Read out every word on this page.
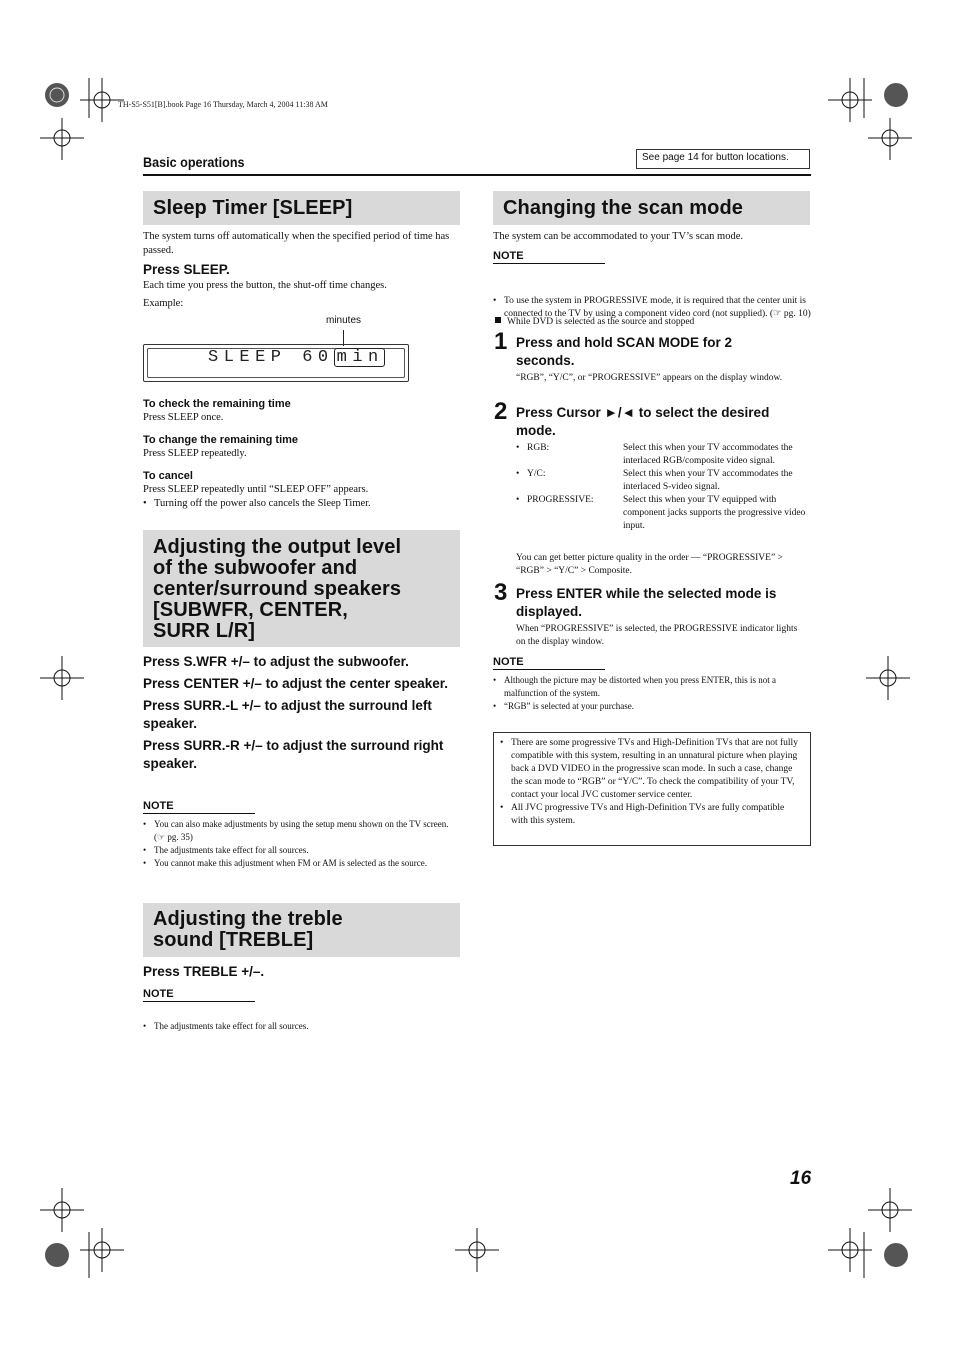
TH-S5-S51[B].book Page 16 Thursday, March 4, 2004 11:38 AM
Basic operations	See page 14 for button locations.
Sleep Timer [SLEEP]
The system turns off automatically when the specified period of time has passed.
Press SLEEP.
Each time you press the button, the shut-off time changes.
Example:
minutes
SLEEP 60 min
To check the remaining time
Press SLEEP once.
To change the remaining time
Press SLEEP repeatedly.
To cancel
Press SLEEP repeatedly until “SLEEP OFF” appears.
• Turning off the power also cancels the Sleep Timer.
Adjusting the output level
of the subwoofer and
center/surround speakers
[SUBWFR, CENTER,
SURR L/R]
Press S.WFR +/– to adjust the subwoofer.
Press CENTER +/– to adjust the center speaker.
Press SURR.-L +/– to adjust the surround left speaker.
Press SURR.-R +/– to adjust the surround right speaker.
NOTE
• You can also make adjustments by using the setup menu shown on the TV screen. (☞ pg. 35)
• The adjustments take effect for all sources.
• You cannot make this adjustment when FM or AM is selected as the source.
Adjusting the treble
sound [TREBLE]
Press TREBLE +/–.
NOTE
• The adjustments take effect for all sources.
Changing the scan mode
The system can be accommodated to your TV’s scan mode.
NOTE
• To use the system in PROGRESSIVE mode, it is required that the center unit is connected to the TV by using a component video cord (not supplied). (☞ pg. 10)
While DVD is selected as the source and stopped
1 Press and hold SCAN MODE for 2 seconds.
“RGB”, “Y/C”, or “PROGRESSIVE” appears on the display window.
2 Press Cursor ►/◄ to select the desired mode.
• RGB:	Select this when your TV accommodates the interlaced RGB/composite video signal.
• Y/C:	Select this when your TV accommodates the interlaced S-video signal.
• PROGRESSIVE:	Select this when your TV equipped with component jacks supports the progressive video input.
You can get better picture quality in the order — “PROGRESSIVE” > “RGB” > “Y/C” > Composite.
3 Press ENTER while the selected mode is displayed.
When “PROGRESSIVE” is selected, the PROGRESSIVE indicator lights on the display window.
NOTE
• Although the picture may be distorted when you press ENTER, this is not a malfunction of the system.
• “RGB” is selected at your purchase.
• There are some progressive TVs and High-Definition TVs that are not fully compatible with this system, resulting in an unnatural picture when playing back a DVD VIDEO in the progressive scan mode. In such a case, change the scan mode to “RGB” or “Y/C”. To check the compatibility of your TV, contact your local JVC customer service center.
• All JVC progressive TVs and High-Definition TVs are fully compatible with this system.
16
